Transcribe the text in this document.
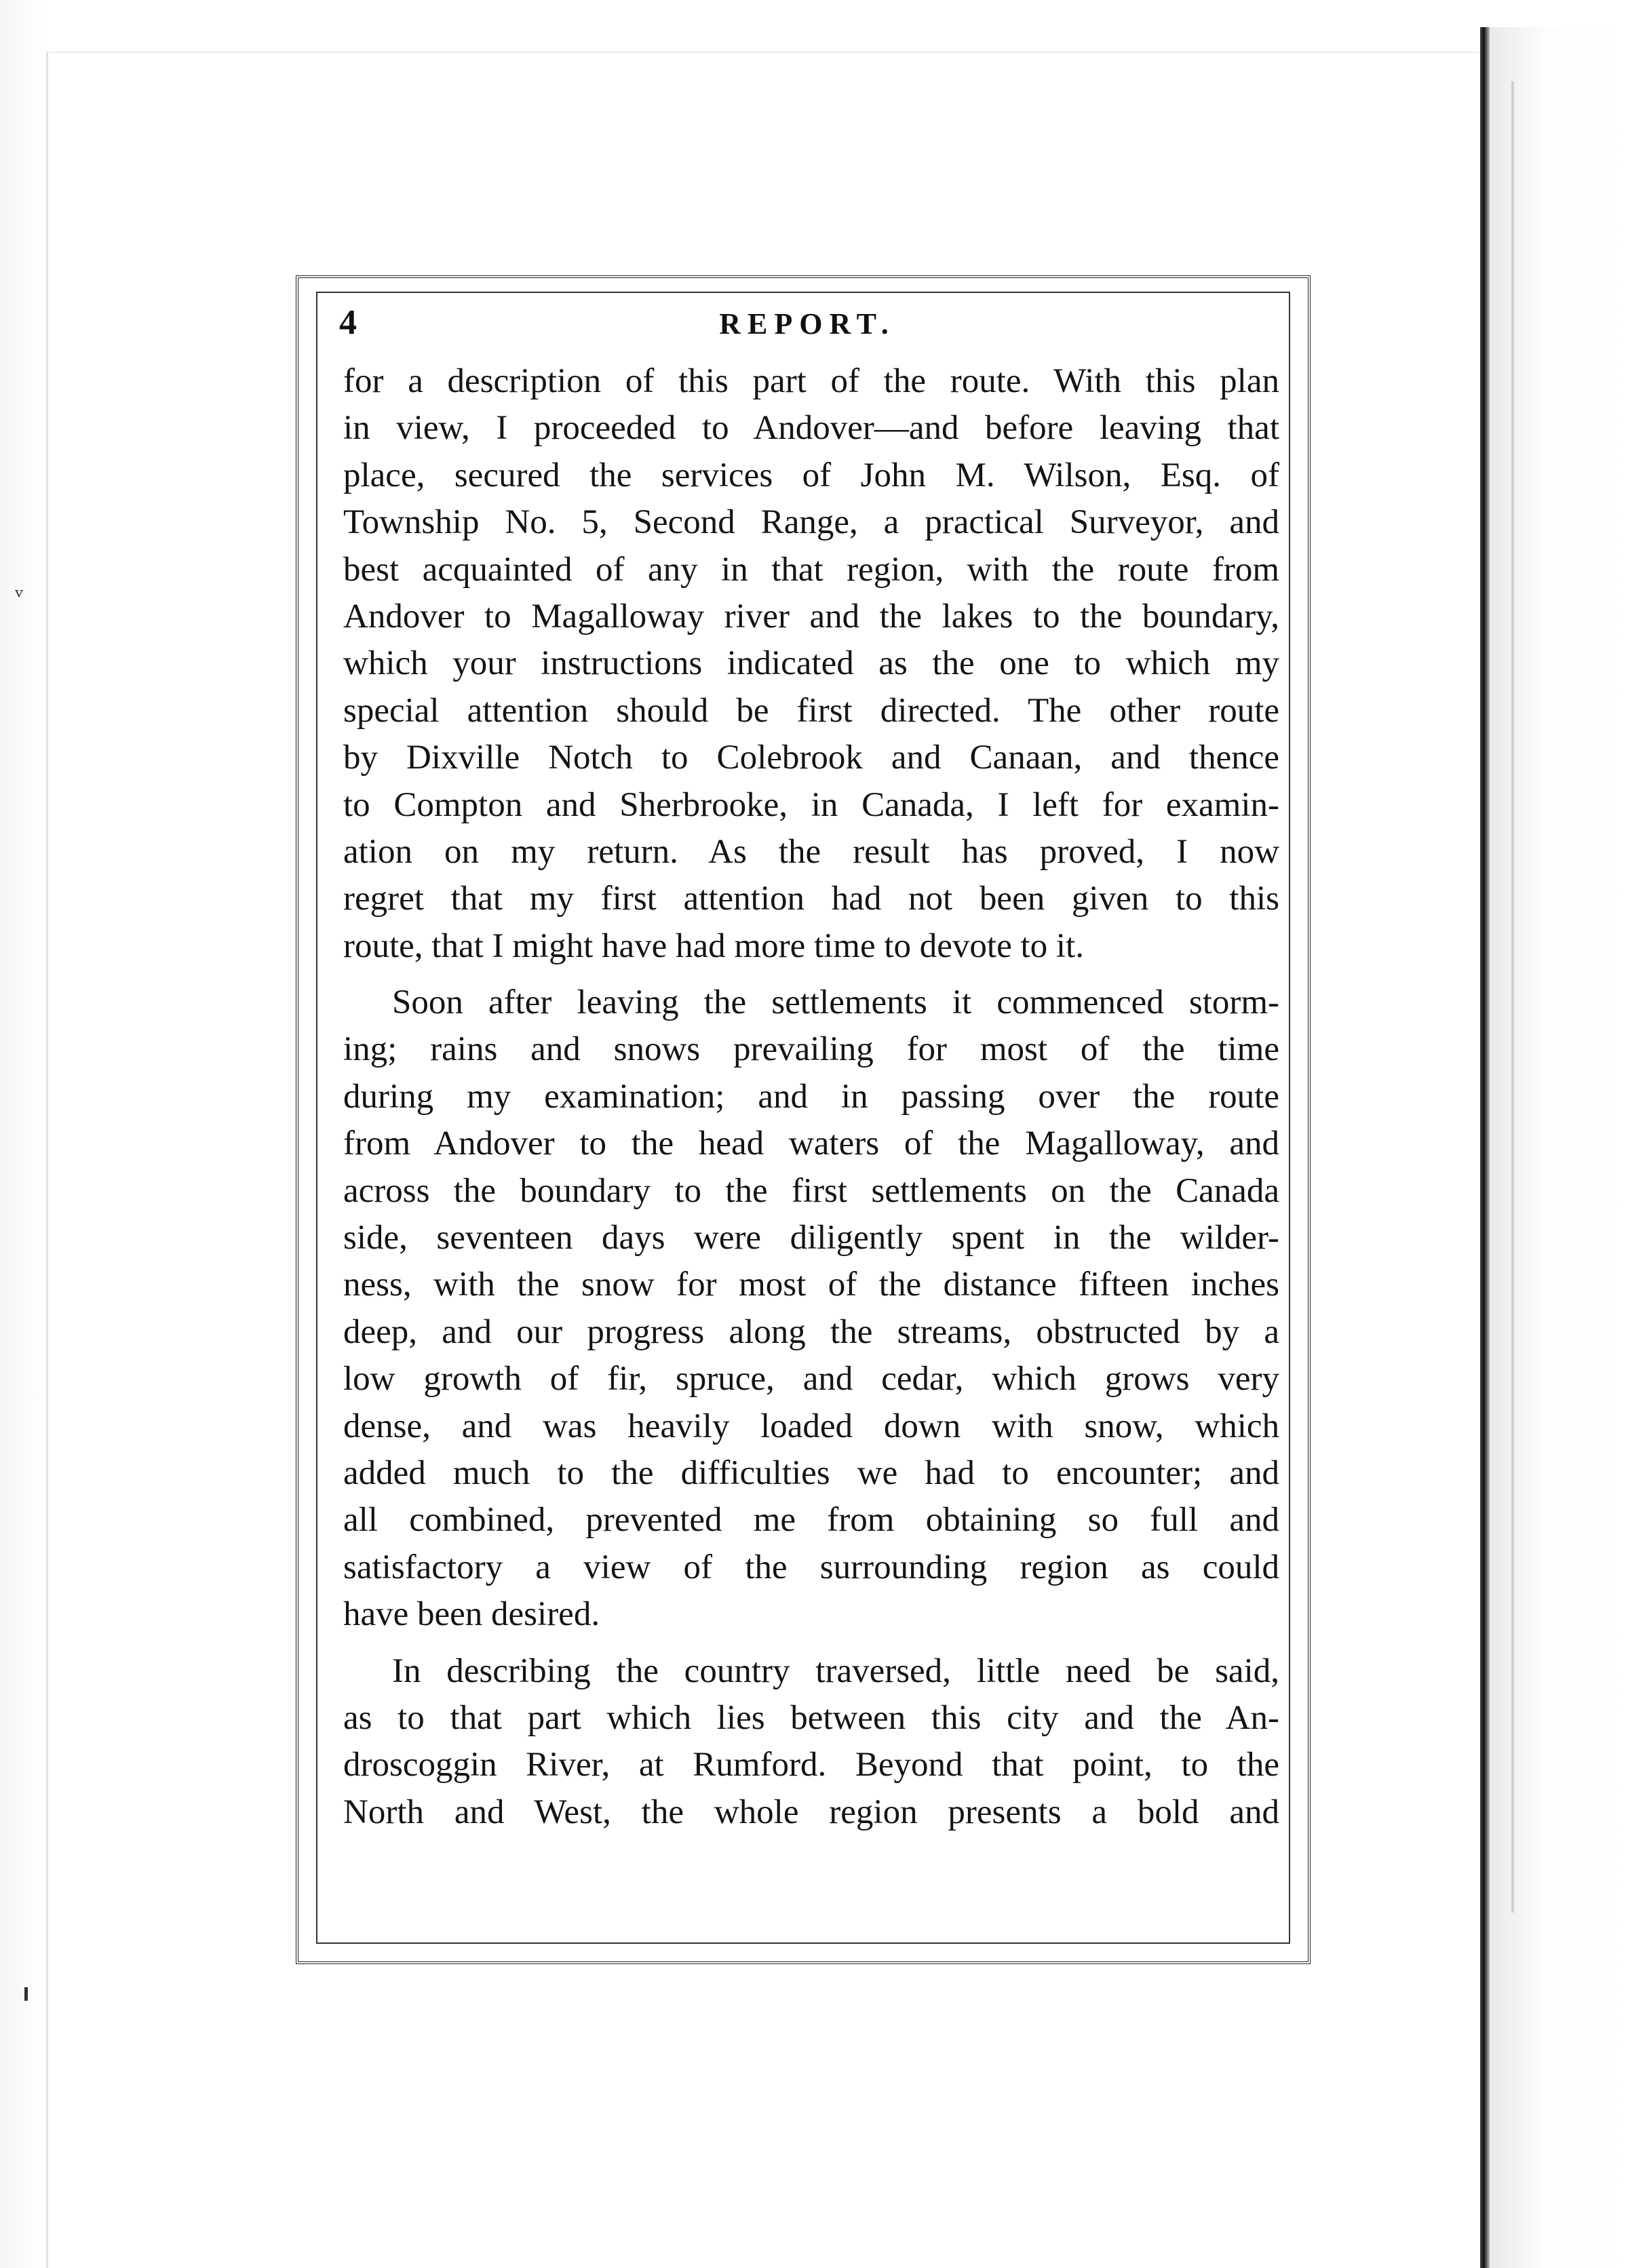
ᵛ
4	REPORT.
for a description of this part of the route. With this plan
in view, I proceeded to Andover—and before leaving that
place, secured the services of John M. Wilson, Esq. of
Township No. 5, Second Range, a practical Surveyor, and
best acquainted of any in that region, with the route from
Andover to Magalloway river and the lakes to the boundary,
which your instructions indicated as the one to which my
special attention should be first directed. The other route
by Dixville Notch to Colebrook and Canaan, and thence
to Compton and Sherbrooke, in Canada, I left for examin-
ation on my return. As the result has proved, I now
regret that my first attention had not been given to this
route, that I might have had more time to devote to it.
Soon after leaving the settlements it commenced storm-
ing; rains and snows prevailing for most of the time
during my examination; and in passing over the route
from Andover to the head waters of the Magalloway, and
across the boundary to the first settlements on the Canada
side, seventeen days were diligently spent in the wilder-
ness, with the snow for most of the distance fifteen inches
deep, and our progress along the streams, obstructed by a
low growth of fir, spruce, and cedar, which grows very
dense, and was heavily loaded down with snow, which
added much to the difficulties we had to encounter; and
all combined, prevented me from obtaining so full and
satisfactory a view of the surrounding region as could
have been desired.
In describing the country traversed, little need be said,
as to that part which lies between this city and the An-
droscoggin River, at Rumford. Beyond that point, to the
North and West, the whole region presents a bold and
